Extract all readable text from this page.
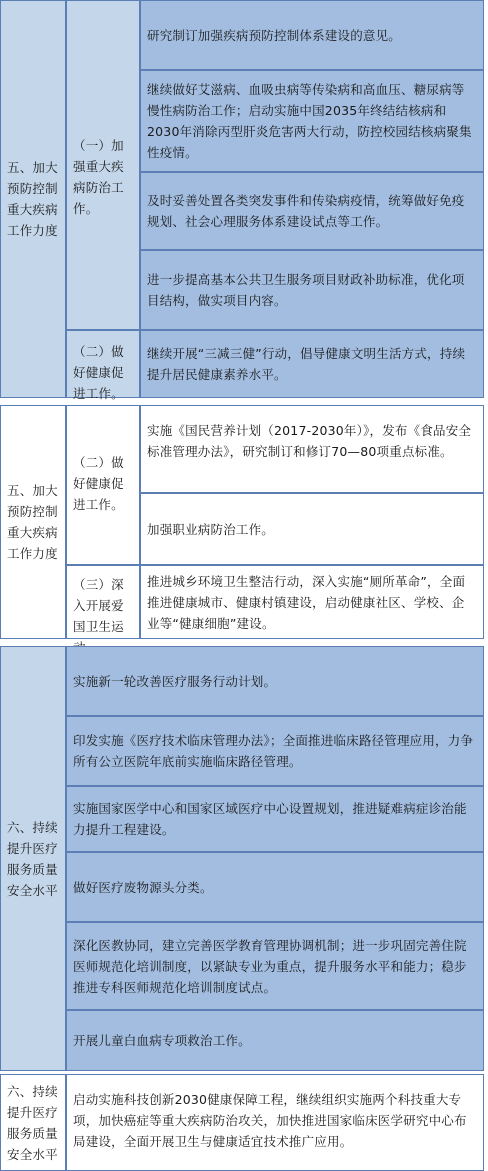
五、加大预防控制重大疾病工作力度
（一）加强重大疾病防治工作。
（二）做好健康促进工作。
研究制订加强疾病预防控制体系建设的意见。
继续做好艾滋病、血吸虫病等传染病和高血压、糖尿病等慢性病防治工作；启动实施中国2035年终结结核病和2030年消除丙型肝炎危害两大行动，防控校园结核病聚集性疫情。
及时妥善处置各类突发事件和传染病疫情，统筹做好免疫规划、社会心理服务体系建设试点等工作。
进一步提高基本公共卫生服务项目财政补助标准，优化项目结构，做实项目内容。
继续开展“三减三健”行动，倡导健康文明生活方式，持续提升居民健康素养水平。
五、加大预防控制重大疾病工作力度
（二）做好健康促进工作。
（三）深入开展爱国卫生运
实施《国民营养计划（2017-2030年）》，发布《食品安全标准管理办法》，研究制订和修订70—80项重点标准。
加强职业病防治工作。
推进城乡环境卫生整洁行动，深入实施“厕所革命”，全面推进健康城市、健康村镇建设，启动健康社区、学校、企业等“健康细胞”建设。
六、持续提升医疗服务质量安全水平
实施新一轮改善医疗服务行动计划。
印发实施《医疗技术临床管理办法》；全面推进临床路径管理应用，力争所有公立医院年底前实施临床路径管理。
实施国家医学中心和国家区域医疗中心设置规划，推进疑难病症诊治能力提升工程建设。
做好医疗废物源头分类。
深化医教协同，建立完善医学教育管理协调机制；进一步巩固完善住院医师规范化培训制度，以紧缺专业为重点，提升服务水平和能力；稳步推进专科医师规范化培训制度试点。
开展儿童白血病专项救治工作。
六、持续提升医疗服务质量安全水平
启动实施科技创新2030健康保障工程，继续组织实施两个科技重大专项，加快癌症等重大疾病防治攻关，加快推进国家临床医学研究中心布局建设，全面开展卫生与健康适宜技术推广应用。
